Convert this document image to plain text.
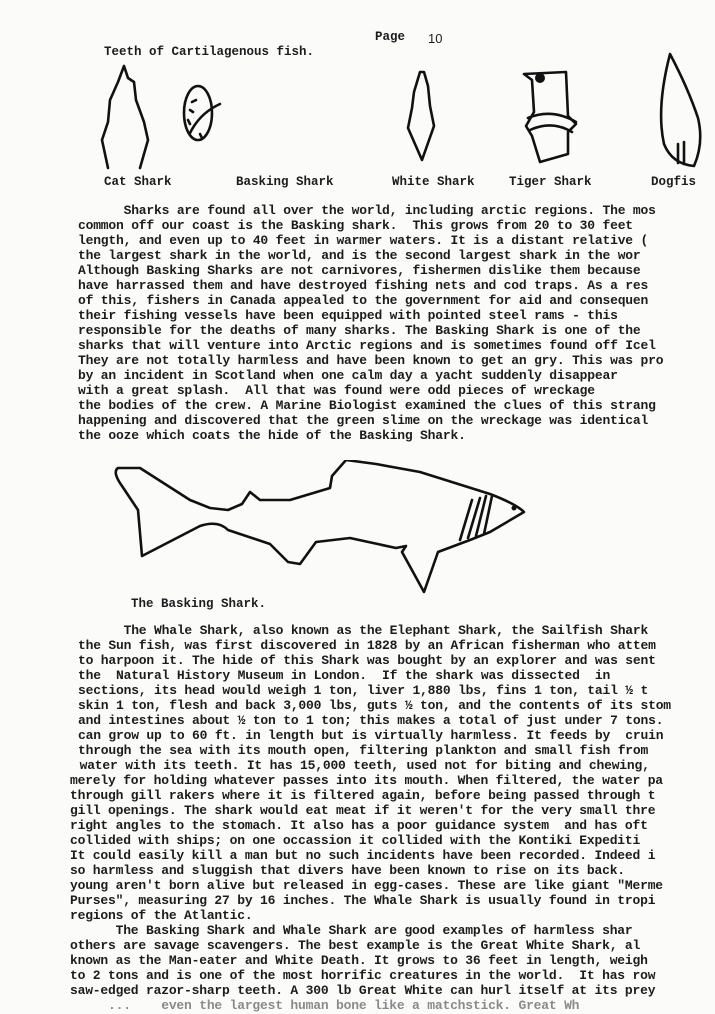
Page 10
Teeth of Cartilagenous fish.
Cat Shark	Basking Shark	White Shark	Tiger Shark	Dogfis
Sharks are found all over the world, including arctic regions. The mos
common off our coast is the Basking shark.  This grows from 20 to 30 feet
length, and even up to 40 feet in warmer waters. It is a distant relative (
the largest shark in the world, and is the second largest shark in the wor
Although Basking Sharks are not carnivores, fishermen dislike them because
have harrassed them and have destroyed fishing nets and cod traps. As a res
of this, fishers in Canada appealed to the government for aid and consequen
their fishing vessels have been equipped with pointed steel rams - this
responsible for the deaths of many sharks. The Basking Shark is one of the
sharks that will venture into Arctic regions and is sometimes found off Icel
They are not totally harmless and have been known to get an gry. This was pro
by an incident in Scotland when one calm day a yacht suddenly disappear
with a great splash.  All that was found were odd pieces of wreckage
the bodies of the crew. A Marine Biologist examined the clues of this strang
happening and discovered that the green slime on the wreckage was identical
the ooze which coats the hide of the Basking Shark.
The Basking Shark.
The Whale Shark, also known as the Elephant Shark, the Sailfish Shark
the Sun fish, was first discovered in 1828 by an African fisherman who attem
to harpoon it. The hide of this Shark was bought by an explorer and was sent
the  Natural History Museum in London.  If the shark was dissected  in
sections, its head would weigh 1 ton, liver 1,880 lbs, fins 1 ton, tail ½ t
skin 1 ton, flesh and back 3,000 lbs, guts ½ ton, and the contents of its stom
and intestines about ½ ton to 1 ton; this makes a total of just under 7 tons.
can grow up to 60 ft. in length but is virtually harmless. It feeds by  cruin
through the sea with its mouth open, filtering plankton and small fish from
water with its teeth. It has 15,000 teeth, used not for biting and chewing,
merely for holding whatever passes into its mouth. When filtered, the water pa
through gill rakers where it is filtered again, before being passed through t
gill openings. The shark would eat meat if it weren't for the very small thre
right angles to the stomach. It also has a poor guidance system  and has oft
collided with ships; on one occassion it collided with the Kontiki Expediti
It could easily kill a man but no such incidents have been recorded. Indeed i
so harmless and sluggish that divers have been known to rise on its back.
young aren't born alive but released in egg-cases. These are like giant "Merme
Purses", measuring 27 by 16 inches. The Whale Shark is usually found in tropi
regions of the Atlantic.
The Basking Shark and Whale Shark are good examples of harmless shar
others are savage scavengers. The best example is the Great White Shark, al
known as the Man-eater and White Death. It grows to 36 feet in length, weigh
to 2 tons and is one of the most horrific creatures in the world.  It has row
saw-edged razor-sharp teeth. A 300 lb Great White can hurl itself at its prey
...    even the largest human bone like a matchstick. Great Wh
